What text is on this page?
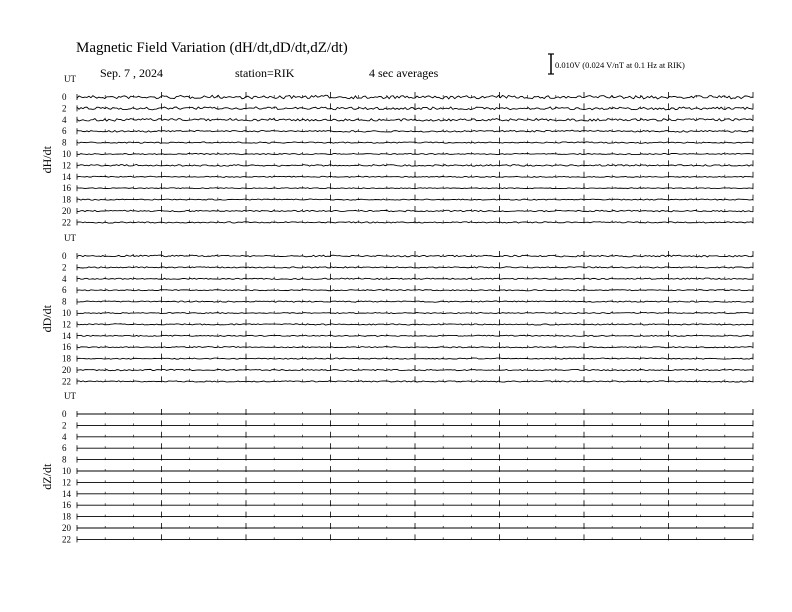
Magnetic Field Variation (dH/dt,dD/dt,dZ/dt)
Sep. 7 , 2024	station=RIK	4 sec averages
0.010V (0.024 V/nT at 0.1 Hz at RIK)
UT
dH/dt
0
2
4
6
8
10
12
14
16
18
20
22
UT
dD/dt
0
2
4
6
8
10
12
14
16
18
20
22
UT
dZ/dt
0
2
4
6
8
10
12
14
16
18
20
22
